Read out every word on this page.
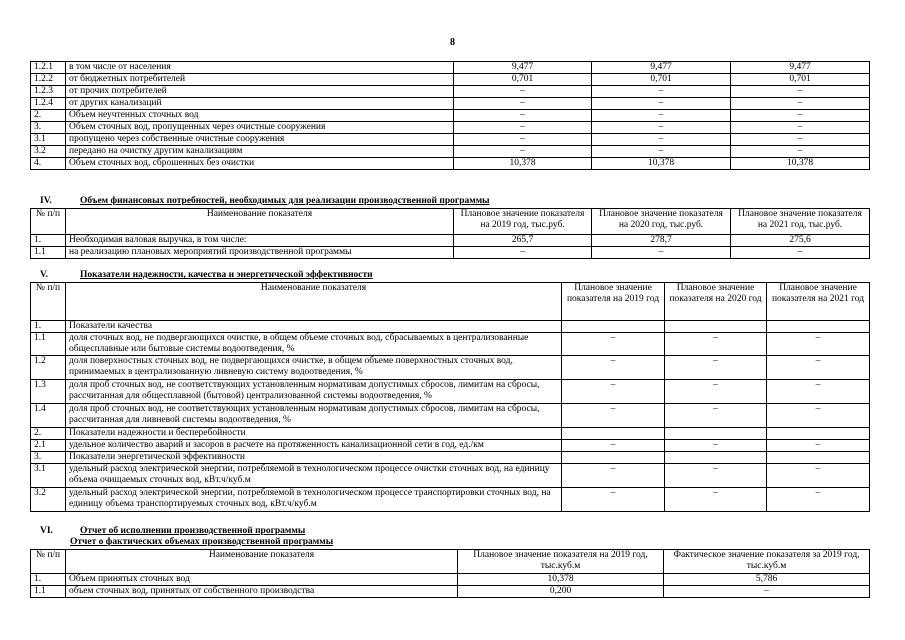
8
1.2.1	в том числе от населения	9,477	9,477	9,477
1.2.2	от бюджетных потребителей	0,701	0,701	0,701
1.2.3	от прочих потребителей	–	–	–
1.2.4	от других канализаций	–	–	–
2.	Объем неучтенных сточных вод	–	–	–
3.	Объем сточных вод, пропущенных через очистные сооружения	–	–	–
3.1	пропущено через собственные очистные сооружения	–	–	–
3.2	передано на очистку другим канализациям	–	–	–
4.	Объем сточных вод, сброшенных без очистки	10,378	10,378	10,378
IV.	Объем финансовых потребностей, необходимых для реализации производственной программы
№ п/п	Наименование показателя	Плановое значение показателя на 2019 год, тыс.руб.	Плановое значение показателя на 2020 год, тыс.руб.	Плановое значение показателя на 2021 год, тыс.руб.
1.	Необходимая валовая выручка, в том числе:	265,7	278,7	275,6
1.1	на реализацию плановых мероприятий производственной программы	–	–	–
V.	Показатели надежности, качества и энергетической эффективности
№ п/п	Наименование показателя	Плановое значение показателя на 2019 год	Плановое значение показателя на 2020 год	Плановое значение показателя на 2021 год
1.	Показатели качества			
1.1	доля сточных вод, не подвергающихся очистке, в общем объеме сточных вод, сбрасываемых в централизованные общесплавные или бытовые системы водоотведения, %	–	–	–
1.2	доля поверхностных сточных вод, не подвергающихся очистке, в общем объеме поверхностных сточных вод, принимаемых в централизованную ливневую систему водоотведения, %	–	–	–
1.3	доля проб сточных вод, не соответствующих установленным нормативам допустимых сбросов, лимитам на сбросы, рассчитанная для общесплавной (бытовой) централизованной системы водоотведения, %	–	–	–
1.4	доля проб сточных вод, не соответствующих установленным нормативам допустимых сбросов, лимитам на сбросы, рассчитанная для ливневой системы водоотведения, %	–	–	–
2.	Показатели надежности и бесперебойности			
2.1	удельное количество аварий и засоров в расчете на протяженность канализационной сети в год, ед./км	–	–	–
3.	Показатели энергетической эффективности			
3.1	удельный расход электрической энергии, потребляемой в технологическом процессе очистки сточных вод, на единицу объема очищаемых сточных вод, кВт.ч/куб.м	–	–	–
3.2	удельный расход электрической энергии, потребляемой в технологическом процессе транспортировки сточных вод, на единицу объема транспортируемых сточных вод, кВт.ч/куб.м	–	–	–
VI.	Отчет об исполнении производственной программы
Отчет о фактических объемах производственной программы
№ п/п	Наименование показателя	Плановое значение показателя на 2019 год, тыс.куб.м	Фактическое значение показателя за 2019 год, тыс.куб.м
1.	Объем принятых сточных вод	10,378	5,786
1.1	объем сточных вод, принятых от собственного производства	0,200	–
